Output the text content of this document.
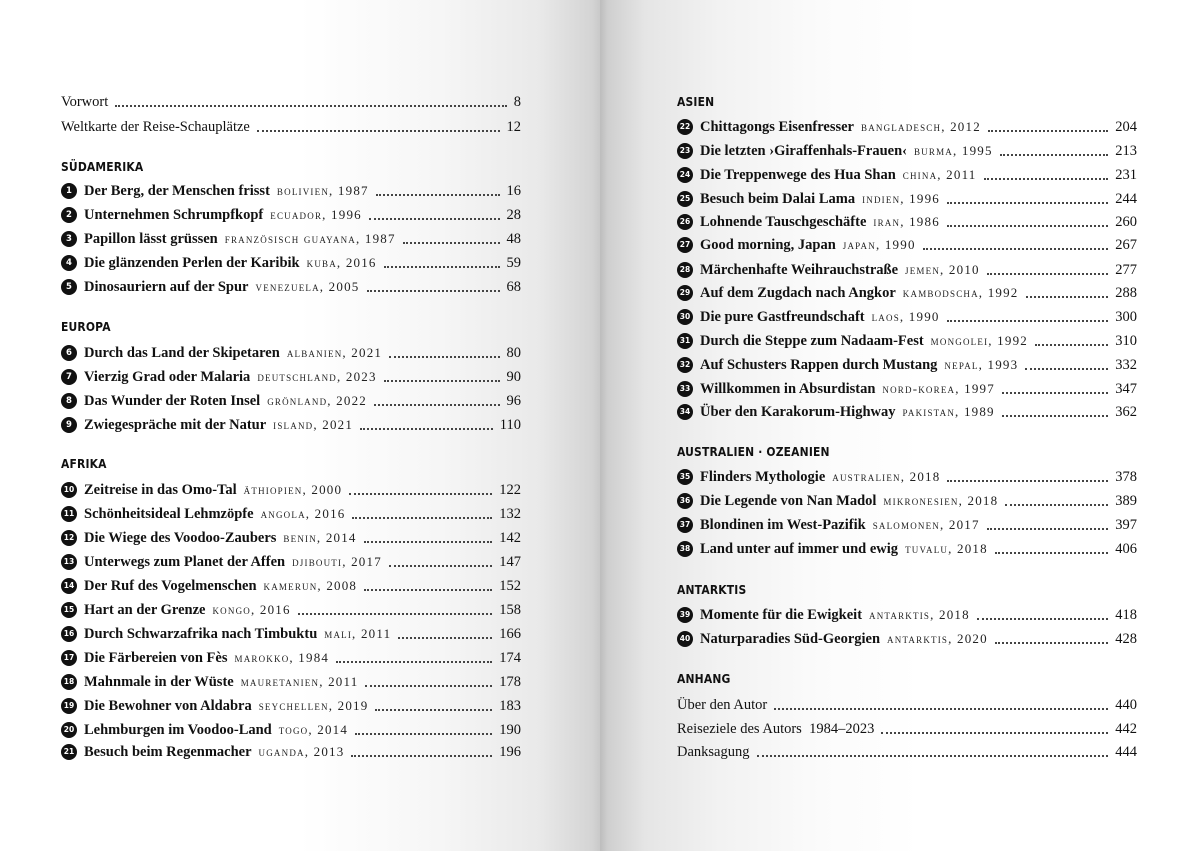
Vorwort	8
Weltkarte der Reise-Schauplätze	12
SÜDAMERIKA
1 Der Berg, der Menschen frisst bolivien, 1987	16
2 Unternehmen Schrumpfkopf ecuador, 1996	28
3 Papillon lässt grüssen französisch guayana, 1987	48
4 Die glänzenden Perlen der Karibik kuba, 2016	59
5 Dinosauriern auf der Spur venezuela, 2005	68
EUROPA
6 Durch das Land der Skipetaren albanien, 2021	80
7 Vierzig Grad oder Malaria deutschland, 2023	90
8 Das Wunder der Roten Insel grönland, 2022	96
9 Zwiegespräche mit der Natur island, 2021	110
AFRIKA
10 Zeitreise in das Omo-Tal äthiopien, 2000	122
11 Schönheitsideal Lehmzöpfe angola, 2016	132
12 Die Wiege des Voodoo-Zaubers benin, 2014	142
13 Unterwegs zum Planet der Affen djibouti, 2017	147
14 Der Ruf des Vogelmenschen kamerun, 2008	152
15 Hart an der Grenze kongo, 2016	158
16 Durch Schwarzafrika nach Timbuktu mali, 2011	166
17 Die Färbereien von Fès marokko, 1984	174
18 Mahnmale in der Wüste mauretanien, 2011	178
19 Die Bewohner von Aldabra seychellen, 2019	183
20 Lehmburgen im Voodoo-Land togo, 2014	190
21 Besuch beim Regenmacher uganda, 2013	196
ASIEN
22 Chittagongs Eisenfresser bangladesch, 2012	204
23 Die letzten ›Giraffenhals-Frauen‹ burma, 1995	213
24 Die Treppenwege des Hua Shan china, 2011	231
25 Besuch beim Dalai Lama indien, 1996	244
26 Lohnende Tauschgeschäfte iran, 1986	260
27 Good morning, Japan japan, 1990	267
28 Märchenhafte Weihrauchstraße jemen, 2010	277
29 Auf dem Zugdach nach Angkor kambodscha, 1992	288
30 Die pure Gastfreundschaft laos, 1990	300
31 Durch die Steppe zum Nadaam-Fest mongolei, 1992	310
32 Auf Schusters Rappen durch Mustang nepal, 1993	332
33 Willkommen in Absurdistan nord-korea, 1997	347
34 Über den Karakorum-Highway pakistan, 1989	362
AUSTRALIEN · OZEANIEN
35 Flinders Mythologie australien, 2018	378
36 Die Legende von Nan Madol mikronesien, 2018	389
37 Blondinen im West-Pazifik salomonen, 2017	397
38 Land unter auf immer und ewig tuvalu, 2018	406
ANTARKTIS
39 Momente für die Ewigkeit antarktis, 2018	418
40 Naturparadies Süd-Georgien antarktis, 2020	428
ANHANG
Über den Autor	440
Reiseziele des Autors  1984–2023	442
Danksagung	444
